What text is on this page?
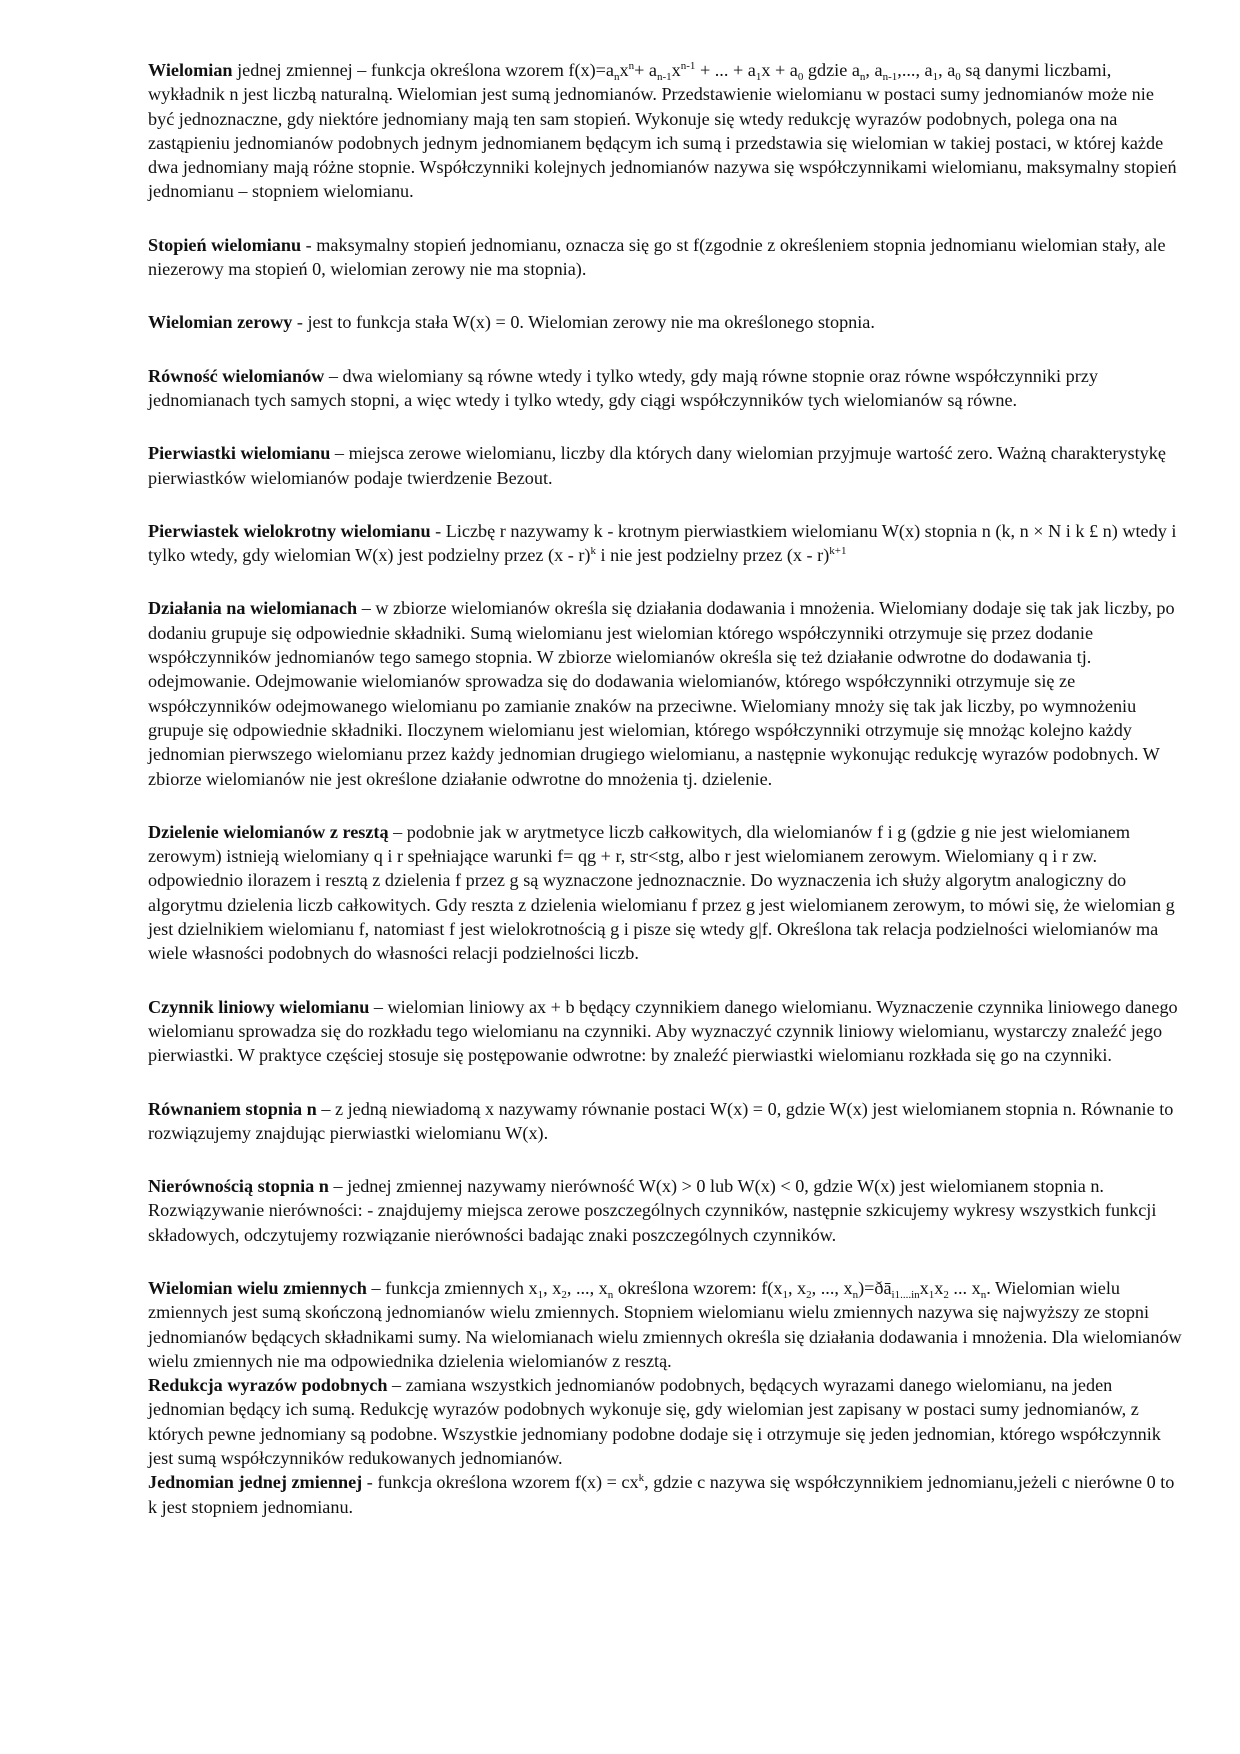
Wielomian jednej zmiennej – funkcja określona wzorem $f(x)=a_nx^n+ a_{n-1}x^{n-1}$ + ... + $a_1x + a_0$ gdzie $a_n$, $a_{n-1}$,..., $a_1$, $a_0$ są danymi liczbami, wykładnik n jest liczbą naturalną. Wielomian jest sumą jednomianów. Przedstawienie wielomianu w postaci sumy jednomianów może nie być jednoznaczne, gdy niektóre jednomiany mają ten sam stopień. Wykonuje się wtedy redukcję wyrazów podobnych, polega ona na zastąpieniu jednomianów podobnych jednym jednomianem będącym ich sumą i przedstawia się wielomian w takiej postaci, w której każde dwa jednomiany mają różne stopnie. Współczynniki kolejnych jednomianów nazywa się współczynnikami wielomianu, maksymalny stopień jednomianu – stopniem wielomianu.

Stopień wielomianu - maksymalny stopień jednomianu, oznacza się go st f(zgodnie z określeniem stopnia jednomianu wielomian stały, ale niezerowy ma stopień 0, wielomian zerowy nie ma stopnia).

Wielomian zerowy - jest to funkcja stała W(x) = 0. Wielomian zerowy nie ma określonego stopnia.

Równość wielomianów – dwa wielomiany są równe wtedy i tylko wtedy, gdy mają równe stopnie oraz równe współczynniki przy jednomianach tych samych stopni, a więc wtedy i tylko wtedy, gdy ciągi współczynników tych wielomianów są równe.

Pierwiastki wielomianu – miejsca zerowe wielomianu, liczby dla których dany wielomian przyjmuje wartość zero. Ważną charakterystykę pierwiastków wielomianów podaje twierdzenie Bezout.

Pierwiastek wielokrotny wielomianu - Liczbę r nazywamy k - krotnym pierwiastkiem wielomianu W(x) stopnia n (k, n × N i k £ n) wtedy i tylko wtedy, gdy wielomian W(x) jest podzielny przez (x - r)$^k$ i nie jest podzielny przez (x - r)$^{k+1}$

Działania na wielomianach – w zbiorze wielomianów określa się działania dodawania i mnożenia. Wielomiany dodaje się tak jak liczby, po dodaniu grupuje się odpowiednie składniki. Sumą wielomianu jest wielomian którego współczynniki otrzymuje się przez dodanie współczynników jednomianów tego samego stopnia. W zbiorze wielomianów określa się też działanie odwrotne do dodawania tj. odejmowanie. Odejmowanie wielomianów sprowadza się do dodawania wielomianów, którego współczynniki otrzymuje się ze współczynników odejmowanego wielomianu po zamianie znaków na przeciwne. Wielomiany mnoży się tak jak liczby, po wymnożeniu grupuje się odpowiednie składniki. Iloczynem wielomianu jest wielomian, którego współczynniki otrzymuje się mnożąc kolejno każdy jednomian pierwszego wielomianu przez każdy jednomian drugiego wielomianu, a następnie wykonując redukcję wyrazów podobnych. W zbiorze wielomianów nie jest określone działanie odwrotne do mnożenia tj. dzielenie.

Dzielenie wielomianów z resztą – podobnie jak w arytmetyce liczb całkowitych, dla wielomianów f i g (gdzie g nie jest wielomianem zerowym) istnieją wielomiany q i r spełniające warunki f= qg + r, str<stg, albo r jest wielomianem zerowym. Wielomiany q i r zw. odpowiednio ilorazem i resztą z dzielenia f przez g są wyznaczone jednoznacznie. Do wyznaczenia ich służy algorytm analogiczny do algorytmu dzielenia liczb całkowitych. Gdy reszta z dzielenia wielomianu f przez g jest wielomianem zerowym, to mówi się, że wielomian g jest dzielnikiem wielomianu f, natomiast f jest wielokrotnością g i pisze się wtedy g|f. Określona tak relacja podzielności wielomianów ma wiele własności podobnych do własności relacji podzielności liczb.

Czynnik liniowy wielomianu – wielomian liniowy ax + b będący czynnikiem danego wielomianu. Wyznaczenie czynnika liniowego danego wielomianu sprowadza się do rozkładu tego wielomianu na czynniki. Aby wyznaczyć czynnik liniowy wielomianu, wystarczy znaleźć jego pierwiastki. W praktyce częściej stosuje się postępowanie odwrotne: by znaleźć pierwiastki wielomianu rozkłada się go na czynniki.

Równaniem stopnia n – z jedną niewiadomą x nazywamy równanie postaci W(x) = 0, gdzie W(x) jest wielomianem stopnia n. Równanie to rozwiązujemy znajdując pierwiastki wielomianu W(x).

Nierównością stopnia n – jednej zmiennej nazywamy nierówność W(x) > 0 lub W(x) < 0, gdzie W(x) jest wielomianem stopnia n. Rozwiązywanie nierówności: - znajdujemy miejsca zerowe poszczególnych czynników, następnie szkicujemy wykresy wszystkich funkcji składowych, odczytujemy rozwiązanie nierówności badając znaki poszczególnych czynników.

Wielomian wielu zmiennych – funkcja zmiennych $x_1$, $x_2$, ..., $x_n$ określona wzorem: $f(x_1$, $x_2$, ..., $x_n)=ðā_{i1....in}x_1x_2$ ... $x_n$. Wielomian wielu zmiennych jest sumą skończoną jednomianów wielu zmiennych. Stopniem wielomianu wielu zmiennych nazywa się najwyższy ze stopni jednomianów będących składnikami sumy. Na wielomianach wielu zmiennych określa się działania dodawania i mnożenia. Dla wielomianów wielu zmiennych nie ma odpowiednika dzielenia wielomianów z resztą.

Redukcja wyrazów podobnych – zamiana wszystkich jednomianów podobnych, będących wyrazami danego wielomianu, na jeden jednomian będący ich sumą. Redukcję wyrazów podobnych wykonuje się, gdy wielomian jest zapisany w postaci sumy jednomianów, z których pewne jednomiany są podobne. Wszystkie jednomiany podobne dodaje się i otrzymuje się jeden jednomian, którego współczynnik jest sumą współczynników redukowanych jednomianów.

Jednomian jednej zmiennej - funkcja określona wzorem $f(x) = cx^k$, gdzie c nazywa się współczynnikiem jednomianu,jeżeli c nierówne 0 to k jest stopniem jednomianu.
